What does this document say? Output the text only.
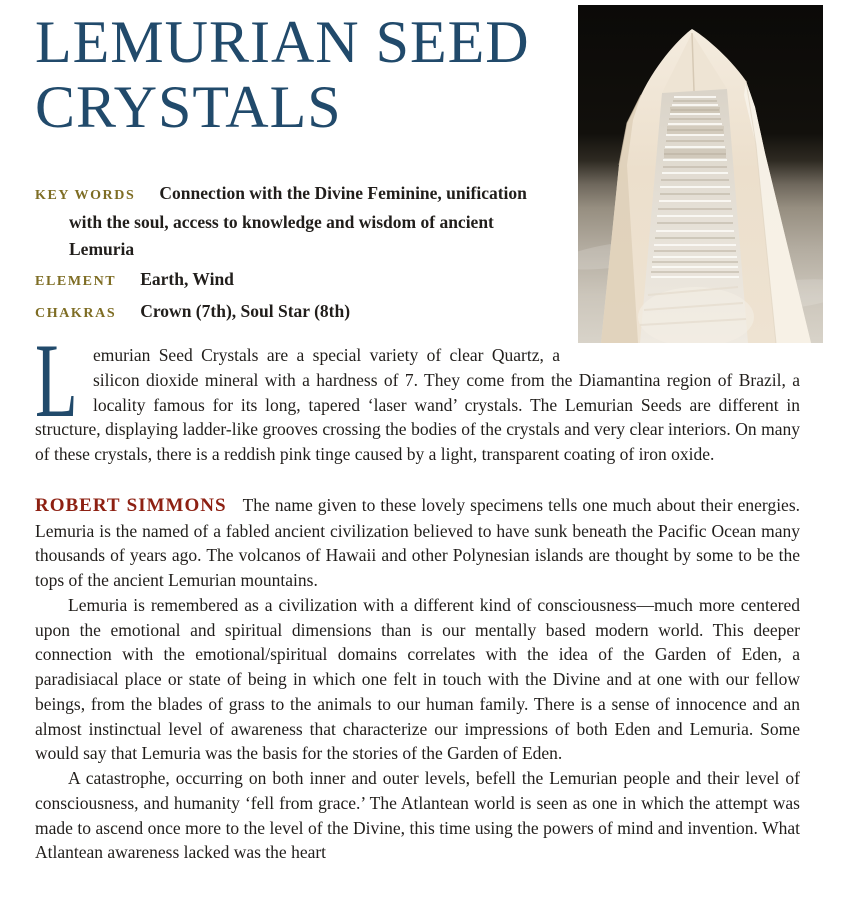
LEMURIAN SEED CRYSTALS

KEY WORDS Connection with the Divine Feminine, unification with the soul, access to knowledge and wisdom of ancient Lemuria

ELEMENT Earth, Wind

CHAKRAS Crown (7th), Soul Star (8th)

Lemurian Seed Crystals are a special variety of clear Quartz, a silicon dioxide mineral with a hardness of 7. They come from the Diamantina region of Brazil, a locality famous for its long, tapered ‘laser wand’ crystals. The Lemurian Seeds are different in structure, displaying ladder-like grooves crossing the bodies of the crystals and very clear interiors. On many of these crystals, there is a reddish pink tinge caused by a light, transparent coating of iron oxide.

ROBERT SIMMONS The name given to these lovely specimens tells one much about their energies. Lemuria is the named of a fabled ancient civilization believed to have sunk beneath the Pacific Ocean many thousands of years ago. The volcanos of Hawaii and other Polynesian islands are thought by some to be the tops of the ancient Lemurian mountains.

Lemuria is remembered as a civilization with a different kind of consciousness—much more centered upon the emotional and spiritual dimensions than is our mentally based modern world. This deeper connection with the emotional/spiritual domains correlates with the idea of the Garden of Eden, a paradisiacal place or state of being in which one felt in touch with the Divine and at one with our fellow beings, from the blades of grass to the animals to our human family. There is a sense of innocence and an almost instinctual level of awareness that characterize our impressions of both Eden and Lemuria. Some would say that Lemuria was the basis for the stories of the Garden of Eden.

A catastrophe, occurring on both inner and outer levels, befell the Lemurian people and their level of consciousness, and humanity ‘fell from grace.’ The Atlantean world is seen as one in which the attempt was made to ascend once more to the level of the Divine, this time using the powers of mind and invention. What Atlantean awareness lacked was the heart
